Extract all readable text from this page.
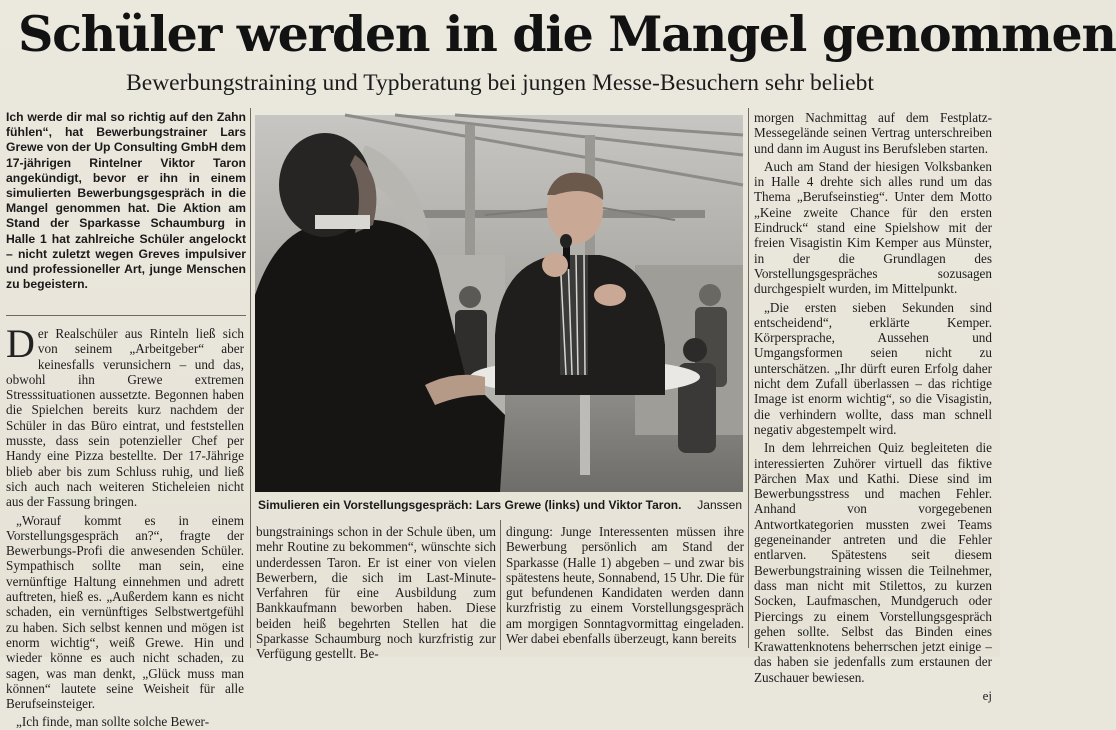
Schüler werden in die Mangel genommen
Bewerbungstraining und Typberatung bei jungen Messe-Besuchern sehr beliebt
Ich werde dir mal so richtig auf den Zahn fühlen“, hat Bewerbungstrainer Lars Grewe von der Up Consulting GmbH dem 17-jährigen Rintelner Viktor Taron angekündigt, bevor er ihn in einem simulierten Bewerbungsgespräch in die Mangel genommen hat. Die Aktion am Stand der Sparkasse Schaumburg in Halle 1 hat zahlreiche Schüler angelockt – nicht zuletzt wegen Greves impulsiver und professioneller Art, junge Menschen zu begeistern.

Der Realschüler aus Rinteln ließ sich von seinem „Arbeitgeber“ aber keinesfalls verunsichern – und das, obwohl ihn Grewe extremen Stresssituationen aussetzte. Begonnen haben die Spielchen bereits kurz nachdem der Schüler in das Büro eintrat, und feststellen musste, dass sein potenzieller Chef per Handy eine Pizza bestellte. Der 17-Jährige blieb aber bis zum Schluss ruhig, und ließ sich auch nach weiteren Sticheleien nicht aus der Fassung bringen.

„Worauf kommt es in einem Vorstellungsgespräch an?“, fragte der Bewerbungs-Profi die anwesenden Schüler. Sympathisch sollte man sein, eine vernünftige Haltung einnehmen und adrett auftreten, hieß es. „Außerdem kann es nicht schaden, ein vernünftiges Selbstwertgefühl zu haben. Sich selbst kennen und mögen ist enorm wichtig“, weiß Grewe. Hin und wieder könne es auch nicht schaden, zu sagen, was man denkt, „Glück muss man können“ lautete seine Weisheit für alle Berufseinsteiger.

„Ich finde, man sollte solche Bewer-

Simulieren ein Vorstellungsgespräch: Lars Grewe (links) und Viktor Taron. Janssen

bungstrainings schon in der Schule üben, um mehr Routine zu bekommen“, wünschte sich underdessen Taron. Er ist einer von vielen Bewerbern, die sich im Last-Minute-Verfahren für eine Ausbildung zum Bankkaufmann beworben haben. Diese beiden heiß begehrten Stellen hat die Sparkasse Schaumburg noch kurzfristig zur Verfügung gestellt. Be-

dingung: Junge Interessenten müssen ihre Bewerbung persönlich am Stand der Sparkasse (Halle 1) abgeben – und zwar bis spätestens heute, Sonnabend, 15 Uhr. Die für gut befundenen Kandidaten werden dann kurzfristig zu einem Vorstellungsgespräch am morgigen Sonntagvormittag eingeladen. Wer dabei ebenfalls überzeugt, kann bereits

morgen Nachmittag auf dem Festplatz-Messegelände seinen Vertrag unterschreiben und dann im August ins Berufsleben starten.

Auch am Stand der hiesigen Volksbanken in Halle 4 drehte sich alles rund um das Thema „Berufseinstieg“. Unter dem Motto „Keine zweite Chance für den ersten Eindruck“ stand eine Spielshow mit der freien Visagistin Kim Kemper aus Münster, in der die Grundlagen des Vorstellungsgespräches sozusagen durchgespielt wurden, im Mittelpunkt.

„Die ersten sieben Sekunden sind entscheidend“, erklärte Kemper. Körpersprache, Aussehen und Umgangsformen seien nicht zu unterschätzen. „Ihr dürft euren Erfolg daher nicht dem Zufall überlassen – das richtige Image ist enorm wichtig“, so die Visagistin, die verhindern wollte, dass man schnell negativ abgestempelt wird.

In dem lehrreichen Quiz begleiteten die interessierten Zuhörer virtuell das fiktive Pärchen Max und Kathi. Diese sind im Bewerbungsstress und machen Fehler. Anhand von vorgegebenen Antwortkategorien mussten zwei Teams gegeneinander antreten und die Fehler entlarven. Spätestens seit diesem Bewerbungstraining wissen die Teilnehmer, dass man nicht mit Stilettos, zu kurzen Socken, Laufmaschen, Mundgeruch oder Piercings zu einem Vorstellungsgespräch gehen sollte. Selbst das Binden eines Krawattenknotens beherrschen jetzt einige – das haben sie jedenfalls zum erstaunen der Zuschauer bewiesen.

ej
